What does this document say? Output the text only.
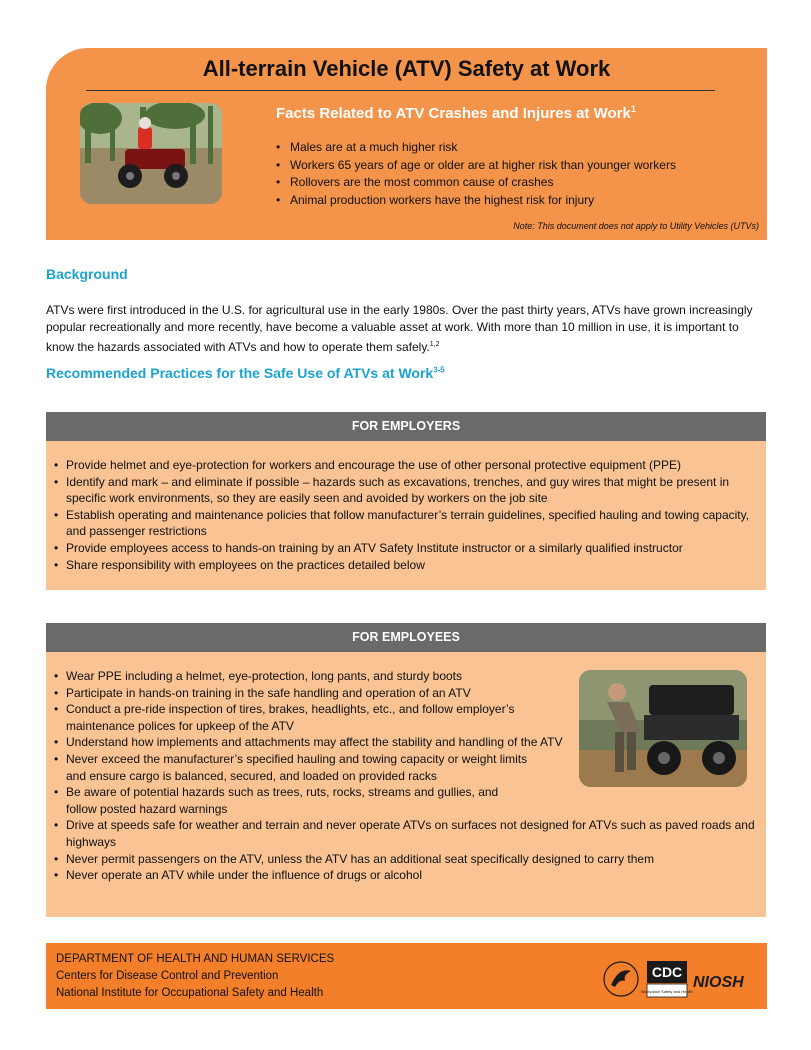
All-terrain Vehicle (ATV) Safety at Work
Facts Related to ATV Crashes and Injures at Work$^1$
• Males are at a much higher risk
• Workers 65 years of age or older are at higher risk than younger workers
• Rollovers are the most common cause of crashes
• Animal production workers have the highest risk for injury
Note: This document does not apply to Utility Vehicles (UTVs)
Background
ATVs were first introduced in the U.S. for agricultural use in the early 1980s. Over the past thirty years, ATVs have grown increasingly popular recreationally and more recently, have become a valuable asset at work. With more than 10 million in use, it is important to know the hazards associated with ATVs and how to operate them safely.$^{1,2}$
Recommended Practices for the Safe Use of ATVs at Work$^{3-5}$
FOR EMPLOYERS
• Provide helmet and eye-protection for workers and encourage the use of other personal protective equipment (PPE)
• Identify and mark – and eliminate if possible – hazards such as excavations, trenches, and guy wires that might be present in specific work environments, so they are easily seen and avoided by workers on the job site
• Establish operating and maintenance policies that follow manufacturer’s terrain guidelines, specified hauling and towing capacity, and passenger restrictions
• Provide employees access to hands-on training by an ATV Safety Institute instructor or a similarly qualified instructor
• Share responsibility with employees on the practices detailed below
FOR EMPLOYEES
• Wear PPE including a helmet, eye-protection, long pants, and sturdy boots
• Participate in hands-on training in the safe handling and operation of an ATV
• Conduct a pre-ride inspection of tires, brakes, headlights, etc., and follow employer’s maintenance polices for upkeep of the ATV
• Understand how implements and attachments may affect the stability and handling of the ATV
• Never exceed the manufacturer’s specified hauling and towing capacity or weight limits and ensure cargo is balanced, secured, and loaded on provided racks
• Be aware of potential hazards such as trees, ruts, rocks, streams and gullies, and follow posted hazard warnings
• Drive at speeds safe for weather and terrain and never operate ATVs on surfaces not designed for ATVs such as paved roads and highways
• Never permit passengers on the ATV, unless the ATV has an additional seat specifically designed to carry them
• Never operate an ATV while under the influence of drugs or alcohol
DEPARTMENT OF HEALTH AND HUMAN SERVICES
Centers for Disease Control and Prevention
National Institute for Occupational Safety and Health
CDC
Workplace Safety and Health
NIOSH
